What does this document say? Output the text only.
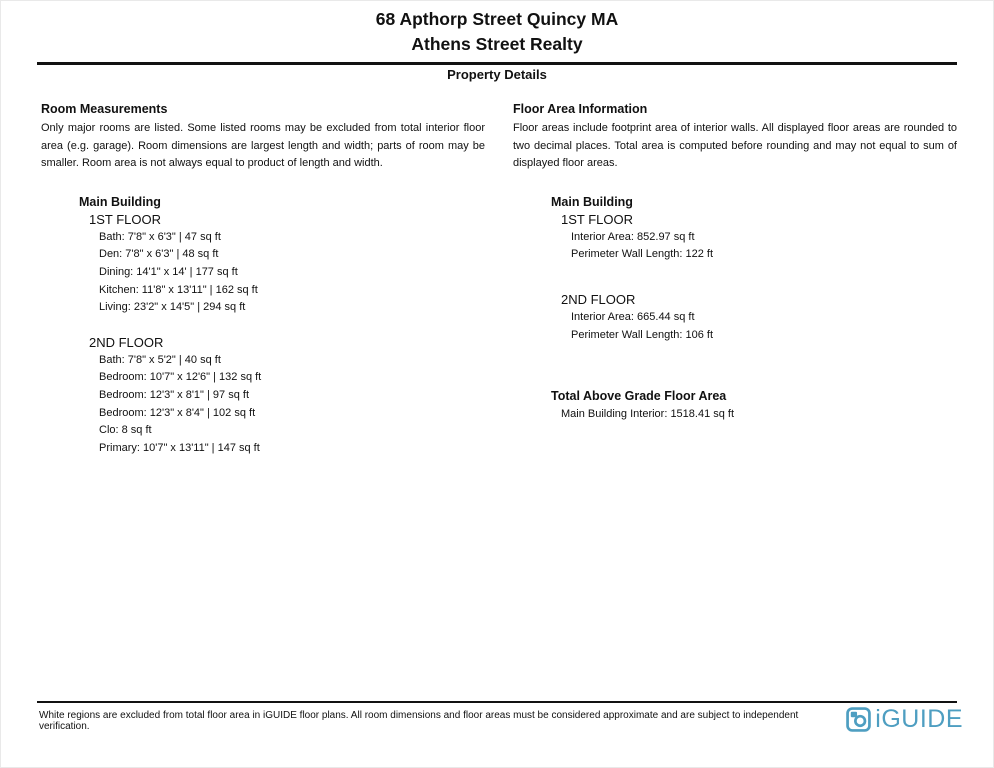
68 Apthorp Street Quincy MA
Athens Street Realty
Property Details
Room Measurements
Only major rooms are listed. Some listed rooms may be excluded from total interior floor area (e.g. garage). Room dimensions are largest length and width; parts of room may be smaller. Room area is not always equal to product of length and width.
Main Building
1ST FLOOR
Bath: 7'8" x 6'3" | 47 sq ft
Den: 7'8" x 6'3" | 48 sq ft
Dining: 14'1" x 14' | 177 sq ft
Kitchen: 11'8" x 13'11" | 162 sq ft
Living: 23'2" x 14'5" | 294 sq ft
2ND FLOOR
Bath: 7'8" x 5'2" | 40 sq ft
Bedroom: 10'7" x 12'6" | 132 sq ft
Bedroom: 12'3" x 8'1" | 97 sq ft
Bedroom: 12'3" x 8'4" | 102 sq ft
Clo: 8 sq ft
Primary: 10'7" x 13'11" | 147 sq ft
Floor Area Information
Floor areas include footprint area of interior walls. All displayed floor areas are rounded to two decimal places. Total area is computed before rounding and may not equal to sum of displayed floor areas.
Main Building
1ST FLOOR
Interior Area: 852.97 sq ft
Perimeter Wall Length: 122 ft
2ND FLOOR
Interior Area: 665.44 sq ft
Perimeter Wall Length: 106 ft
Total Above Grade Floor Area
Main Building Interior: 1518.41 sq ft
White regions are excluded from total floor area in iGUIDE floor plans. All room dimensions and floor areas must be considered approximate and are subject to independent verification.	iGUIDE
